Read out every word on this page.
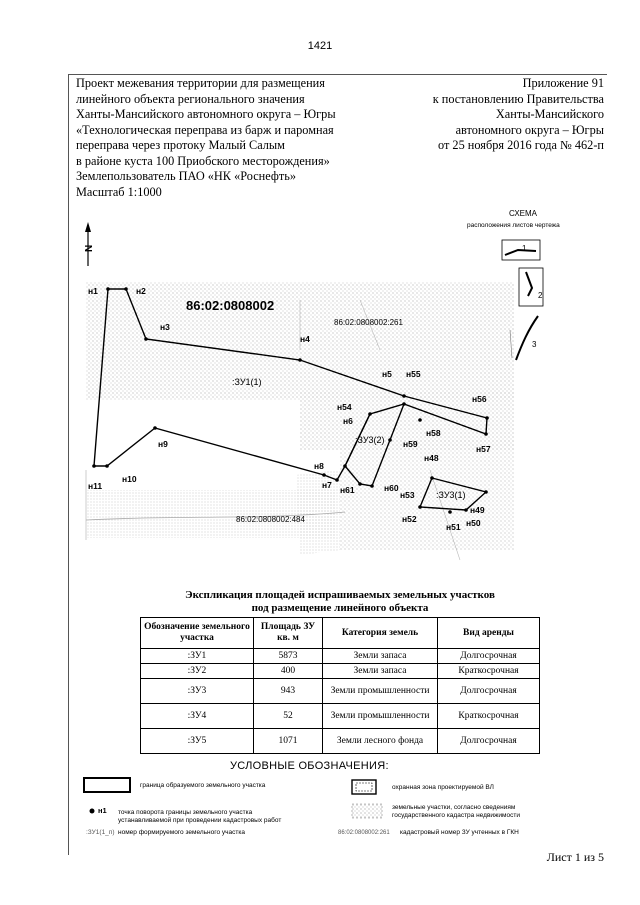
1421
Проект межевания территории для размещения
линейного объекта регионального значения
Ханты-Мансийского автономного округа – Югры
«Технологическая переправа из барж и паромная
переправа через протоку Малый Салым
в районе куста 100 Приобского месторождения»
Землепользователь ПАО «НК «Роснефть»
Масштаб 1:1000
Приложение 91
к постановлению Правительства
Ханты-Мансийского
автономного округа – Югры
от 25 ноября 2016 года № 462-п
N
СХЕМА
расположения листов чертежа
1
2
3
86:02:0808002
86:02:0808002:261
86:02:0808002:484
:ЗУ1(1)
:ЗУ3(2)
:ЗУ3(1)
н1	н2
н3
н4
н5 н55
н54
н6
н56
н58
н57
н59
н48
н9
н8
н7 н61	н60
н53
н49
н52
н51 н50
н11
н10
Экспликация площадей испрашиваемых земельных участков
под размещение линейного объекта
Обозначение земельного участка	Площадь ЗУ кв. м	Категория земель	Вид аренды
:ЗУ1	5873	Земли запаса	Долгосрочная
:ЗУ2	400	Земли запаса	Краткосрочная
:ЗУ3	943	Земли промышленности	Долгосрочная
:ЗУ4	52	Земли промышленности	Краткосрочная
:ЗУ5	1071	Земли лесного фонда	Долгосрочная
УСЛОВНЫЕ ОБОЗНАЧЕНИЯ:
граница образуемого земельного участка
н1 точка поворота границы земельного участка
устанавливаемой при проведении кадастровых работ
:ЗУ1(1_п) номер формируемого земельного участка
охранная зона проектируемой ВЛ
земельные участки, согласно сведениям
государственного кадастра недвижимости
86:02:0808002:261 кадастровый номер ЗУ учтенных в ГКН
Лист 1 из 5
